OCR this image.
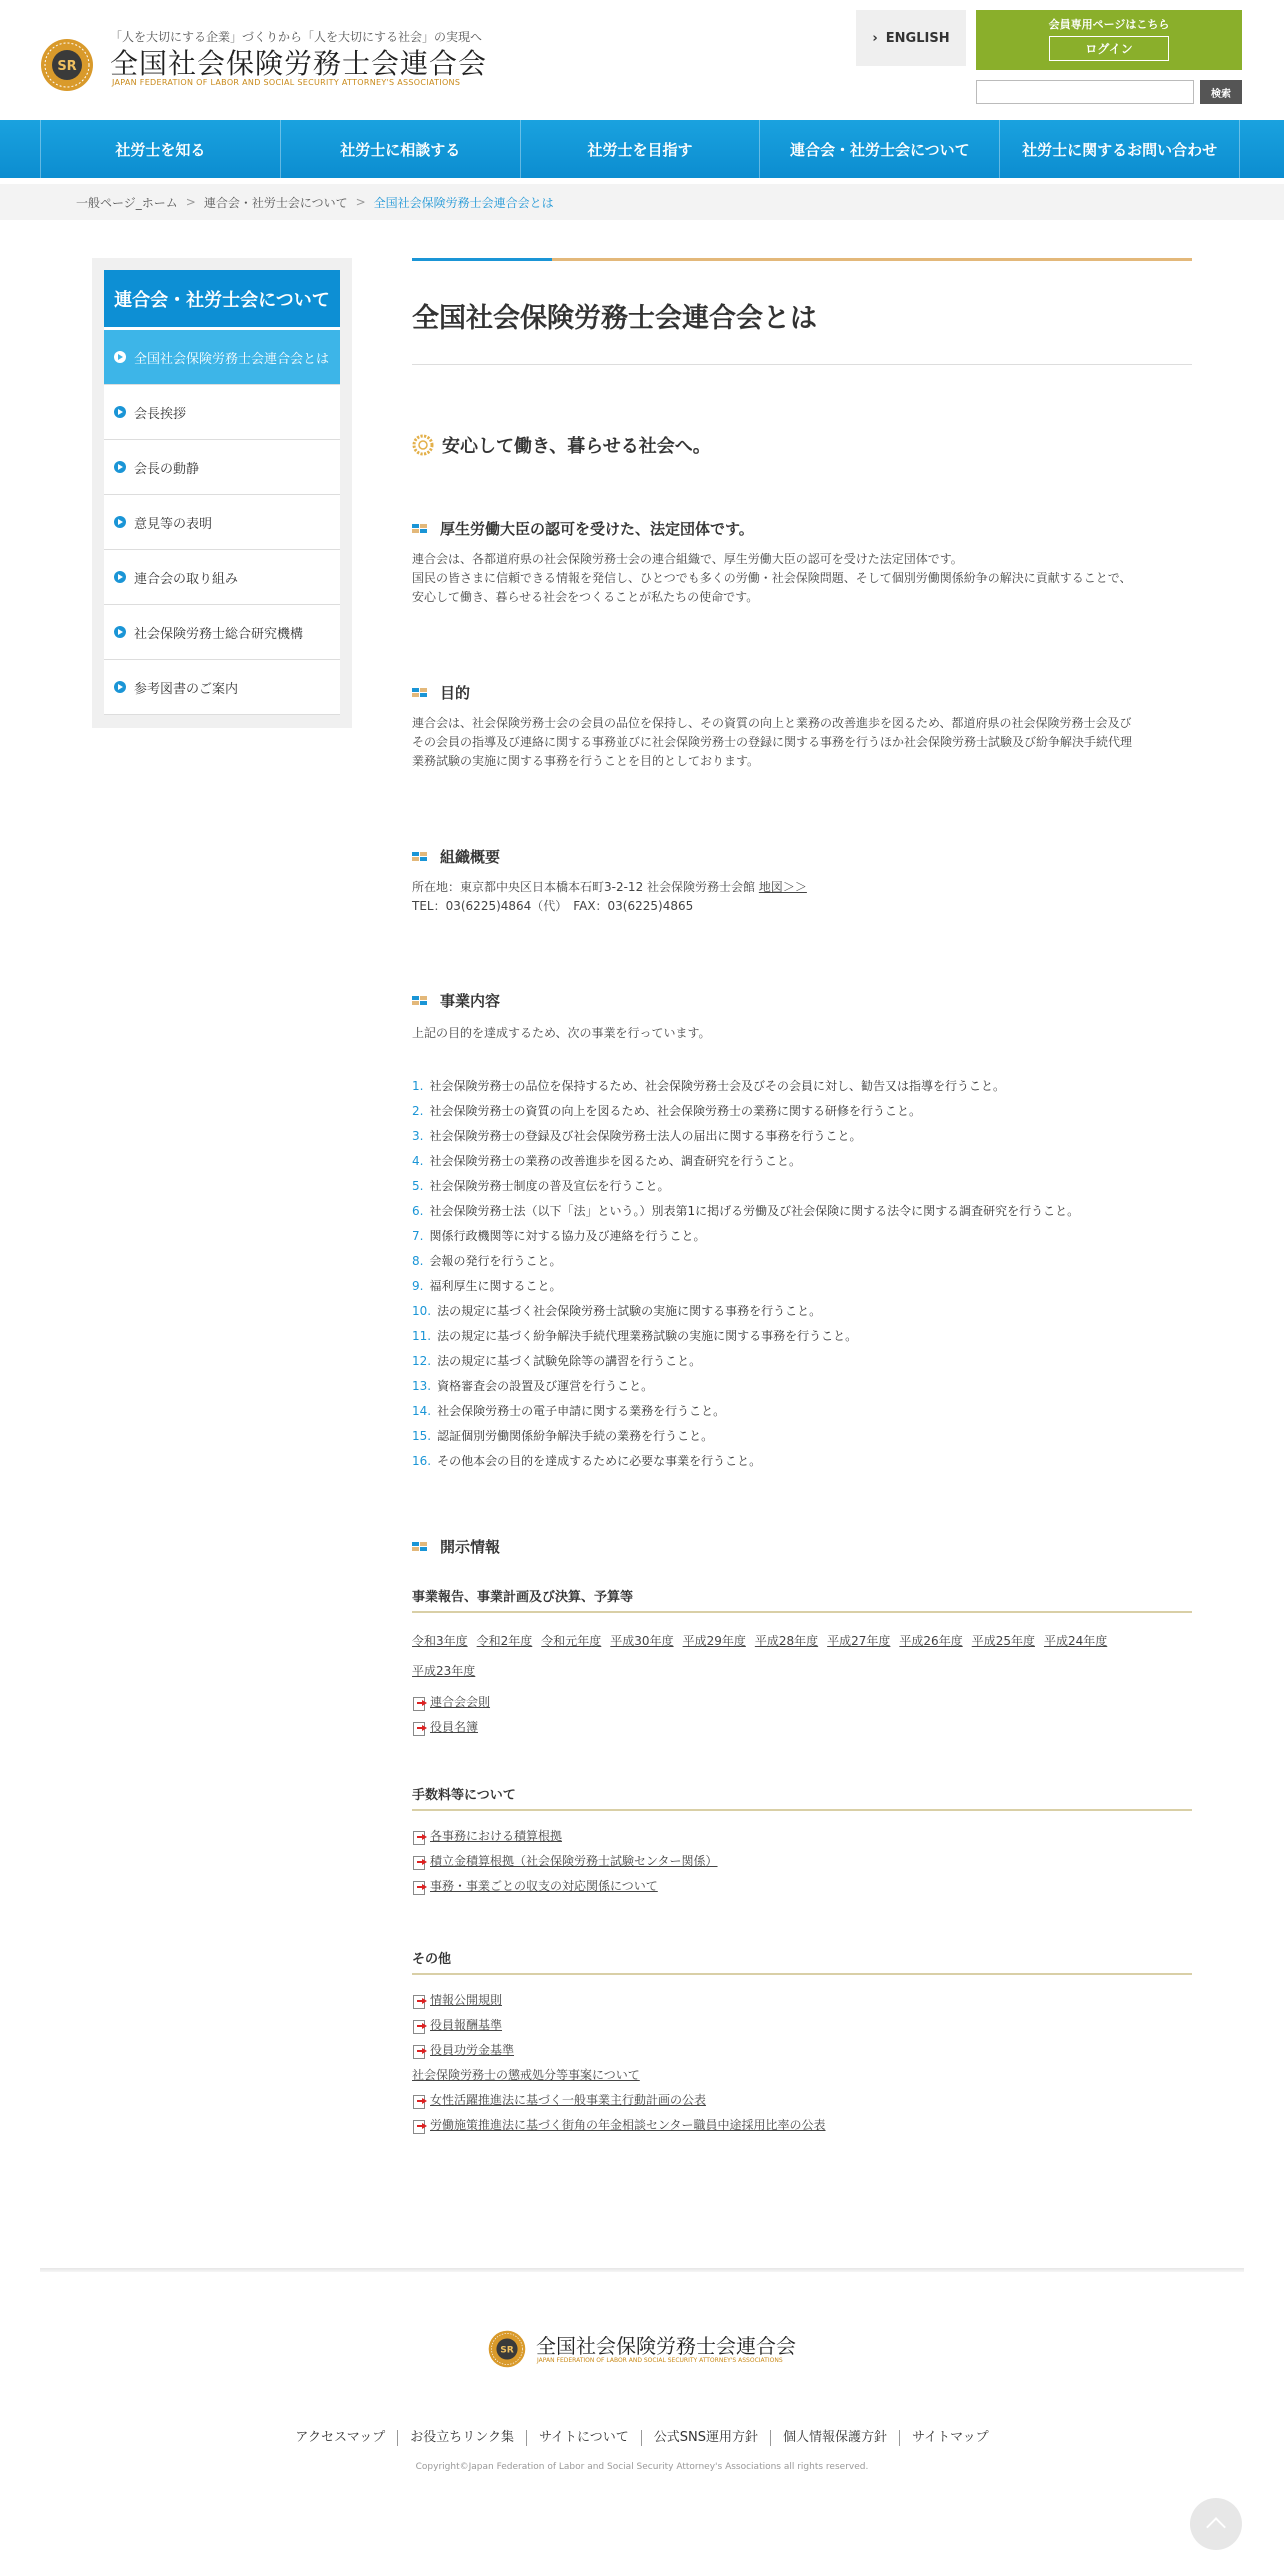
SR
「人を大切にする企業」づくりから「人を大切にする社会」の実現へ
全国社会保険労務士会連合会
JAPAN FEDERATION OF LABOR AND SOCIAL SECURITY ATTORNEY'S ASSOCIATIONS
› ENGLISH
会員専用ページはこちら
ログイン
検索
社労士を知る	社労士に相談する	社労士を目指す	連合会・社労士会について	社労士に関するお問い合わせ
一般ページ_ホーム > 連合会・社労士会について > 全国社会保険労務士会連合会とは
連合会・社労士会について
全国社会保険労務士会連合会とは
会長挨拶
会長の動静
意見等の表明
連合会の取り組み
社会保険労務士総合研究機構
参考図書のご案内
全国社会保険労務士会連合会とは
安心して働き、暮らせる社会へ。
厚生労働大臣の認可を受けた、法定団体です。
連合会は、各都道府県の社会保険労務士会の連合組織で、厚生労働大臣の認可を受けた法定団体です。
国民の皆さまに信頼できる情報を発信し、ひとつでも多くの労働・社会保険問題、そして個別労働関係紛争の解決に貢献することで、
安心して働き、暮らせる社会をつくることが私たちの使命です。
目的
連合会は、社会保険労務士会の会員の品位を保持し、その資質の向上と業務の改善進歩を図るため、都道府県の社会保険労務士会及び
その会員の指導及び連絡に関する事務並びに社会保険労務士の登録に関する事務を行うほか社会保険労務士試験及び紛争解決手続代理
業務試験の実施に関する事務を行うことを目的としております。
組織概要
所在地：東京都中央区日本橋本石町3-2-12 社会保険労務士会館 地図＞＞
TEL：03(6225)4864（代）　FAX：03(6225)4865
事業内容
上記の目的を達成するため、次の事業を行っています。
1. 社会保険労務士の品位を保持するため、社会保険労務士会及びその会員に対し、勧告又は指導を行うこと。
2. 社会保険労務士の資質の向上を図るため、社会保険労務士の業務に関する研修を行うこと。
3. 社会保険労務士の登録及び社会保険労務士法人の届出に関する事務を行うこと。
4. 社会保険労務士の業務の改善進歩を図るため、調査研究を行うこと。
5. 社会保険労務士制度の普及宣伝を行うこと。
6. 社会保険労務士法（以下「法」という。）別表第1に掲げる労働及び社会保険に関する法令に関する調査研究を行うこと。
7. 関係行政機関等に対する協力及び連絡を行うこと。
8. 会報の発行を行うこと。
9. 福利厚生に関すること。
10. 法の規定に基づく社会保険労務士試験の実施に関する事務を行うこと。
11. 法の規定に基づく紛争解決手続代理業務試験の実施に関する事務を行うこと。
12. 法の規定に基づく試験免除等の講習を行うこと。
13. 資格審査会の設置及び運営を行うこと。
14. 社会保険労務士の電子申請に関する業務を行うこと。
15. 認証個別労働関係紛争解決手続の業務を行うこと。
16. その他本会の目的を達成するために必要な事業を行うこと。
開示情報
事業報告、事業計画及び決算、予算等
令和3年度 令和2年度 令和元年度 平成30年度 平成29年度 平成28年度 平成27年度 平成26年度 平成25年度 平成24年度
平成23年度
連合会会則
役員名簿
手数料等について
各事務における積算根拠
積立金積算根拠（社会保険労務士試験センター関係）
事務・事業ごとの収支の対応関係について
その他
情報公開規則
役員報酬基準
役員功労金基準
社会保険労務士の懲戒処分等事案について
女性活躍推進法に基づく一般事業主行動計画の公表
労働施策推進法に基づく街角の年金相談センター職員中途採用比率の公表
SR 全国社会保険労務士会連合会
JAPAN FEDERATION OF LABOR AND SOCIAL SECURITY ATTORNEY'S ASSOCIATIONS
アクセスマップ	お役立ちリンク集	サイトについて	公式SNS運用方針	個人情報保護方針	サイトマップ
Copyright©Japan Federation of Labor and Social Security Attorney's Associations all rights reserved.
